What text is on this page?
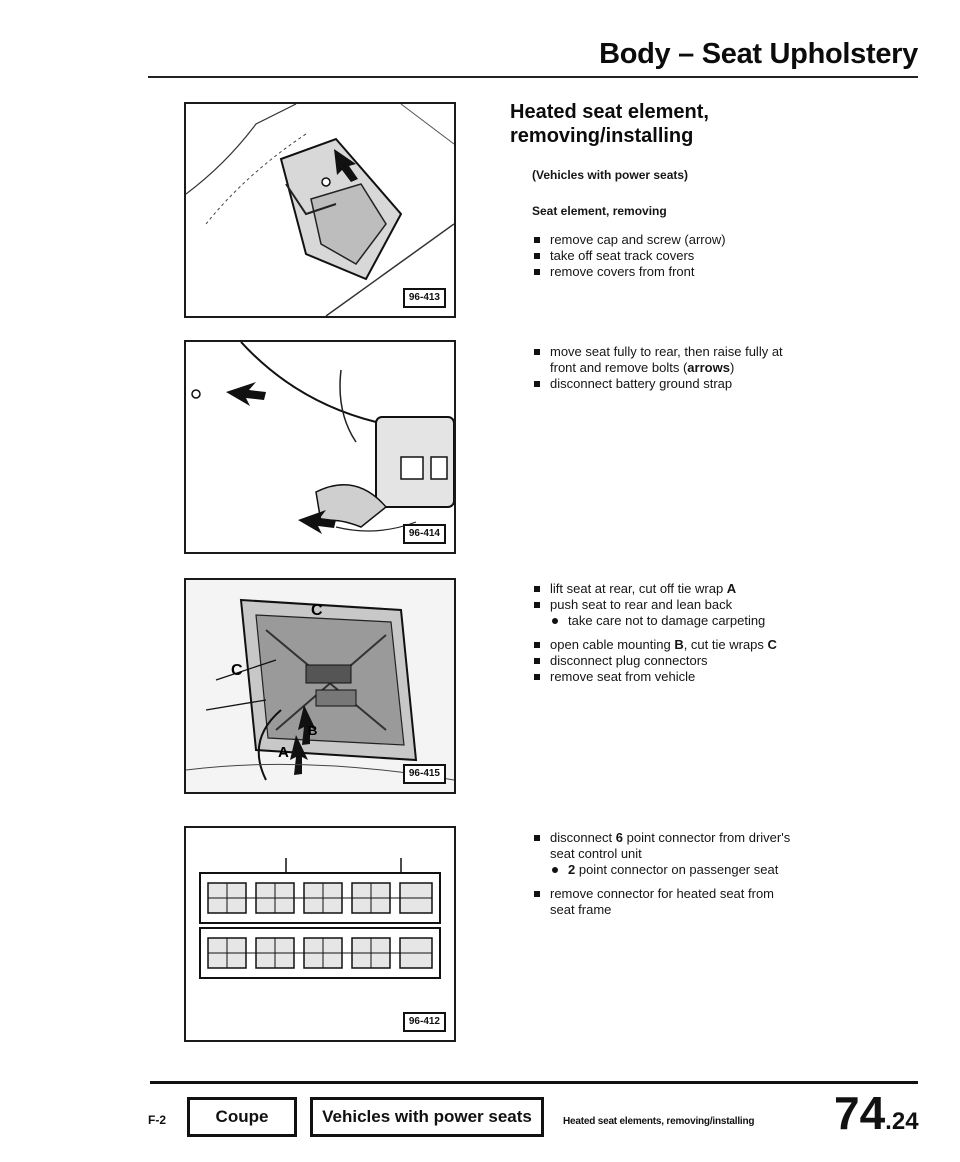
Body – Seat Upholstery
96-413
96-414
C
C
A
B
96-415
96-412
Heated seat element,
removing/installing
(Vehicles with power seats)
Seat element, removing
remove cap and screw (arrow)
take off seat track covers
remove covers from front
move seat fully to rear, then raise fully at
front and remove bolts (arrows)
disconnect battery ground strap
lift seat at rear, cut off tie wrap A
push seat to rear and lean back
take care not to damage carpeting
open cable mounting B, cut tie wraps C
disconnect plug connectors
remove seat from vehicle
disconnect 6 point connector from driver's
seat control unit
2 point connector on passenger seat
remove connector for heated seat from
seat frame
F-2	Coupe	Vehicles with power seats	Heated seat elements, removing/installing 74.24
